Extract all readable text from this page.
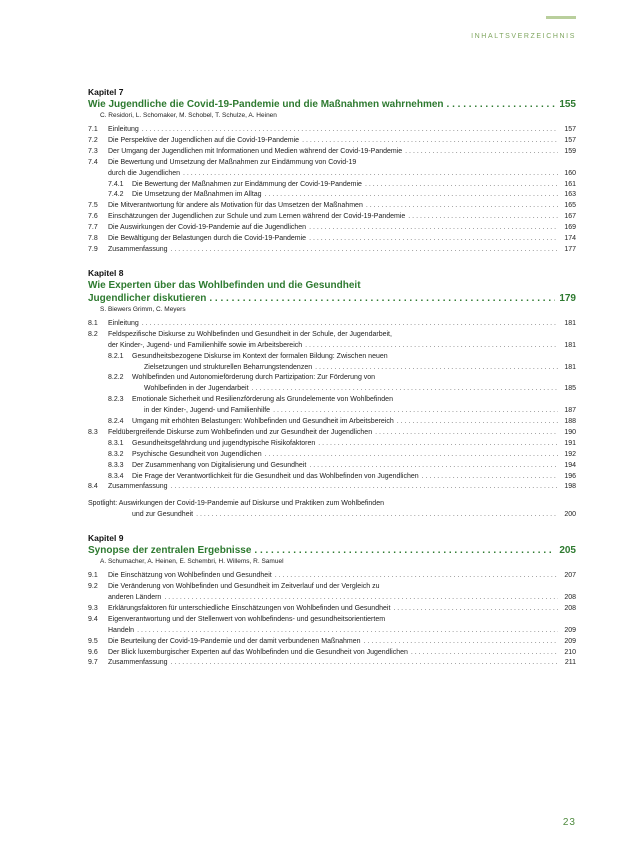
INHALTSVERZEICHNIS
Kapitel 7
Wie Jugendliche die Covid-19-Pandemie und die Maßnahmen wahrnehmen . . .	155
C. Residori, L. Schomaker, M. Schobel, T. Schulze, A. Heinen
7.1	Einleitung . . .	157
7.2	Die Perspektive der Jugendlichen auf die Covid-19-Pandemie . . .	157
7.3	Der Umgang der Jugendlichen mit Informationen und Medien während der Covid-19-Pandemie . . .	159
7.4	Die Bewertung und Umsetzung der Maßnahmen zur Eindämmung von Covid-19
durch die Jugendlichen . . .	160
7.4.1	Die Bewertung der Maßnahmen zur Eindämmung der Covid-19-Pandemie . . .	161
7.4.2	Die Umsetzung der Maßnahmen im Alltag . . .	163
7.5	Die Mitverantwortung für andere als Motivation für das Umsetzen der Maßnahmen . . .	165
7.6	Einschätzungen der Jugendlichen zur Schule und zum Lernen während der Covid-19-Pandemie . . .	167
7.7	Die Auswirkungen der Covid-19-Pandemie auf die Jugendlichen . . .	169
7.8	Die Bewältigung der Belastungen durch die Covid-19-Pandemie . . .	174
7.9	Zusammenfassung . . .	177
Kapitel 8
Wie Experten über das Wohlbefinden und die Gesundheit
Jugendlicher diskutieren . . .	179
S. Biewers Grimm, C. Meyers
8.1	Einleitung . . .	181
8.2	Feldspezifische Diskurse zu Wohlbefinden und Gesundheit in der Schule, der Jugendarbeit,
der Kinder-, Jugend- und Familienhilfe sowie im Arbeitsbereich . . .	181
8.2.1	Gesundheitsbezogene Diskurse im Kontext der formalen Bildung: Zwischen neuen
Zielsetzungen und strukturellen Beharrungstendenzen . . .	181
8.2.2	Wohlbefinden und Autonomieförderung durch Partizipation: Zur Förderung von
Wohlbefinden in der Jugendarbeit . . .	185
8.2.3	Emotionale Sicherheit und Resilienzförderung als Grundelemente von Wohlbefinden
in der Kinder-, Jugend- und Familienhilfe . . .	187
8.2.4	Umgang mit erhöhten Belastungen: Wohlbefinden und Gesundheit im Arbeitsbereich . . .	188
8.3	Feldübergreifende Diskurse zum Wohlbefinden und zur Gesundheit der Jugendlichen . . .	190
8.3.1	Gesundheitsgefährdung und jugendtypische Risikofaktoren . . .	191
8.3.2	Psychische Gesundheit von Jugendlichen . . .	192
8.3.3	Der Zusammenhang von Digitalisierung und Gesundheit . . .	194
8.3.4	Die Frage der Verantwortlichkeit für die Gesundheit und das Wohlbefinden von Jugendlichen . . .	196
8.4	Zusammenfassung . . .	198
Spotlight: Auswirkungen der Covid-19-Pandemie auf Diskurse und Praktiken zum Wohlbefinden
und zur Gesundheit . . .	200
Kapitel 9
Synopse der zentralen Ergebnisse . . .	205
A. Schumacher, A. Heinen, E. Schembri, H. Willems, R. Samuel
9.1	Die Einschätzung von Wohlbefinden und Gesundheit . . .	207
9.2	Die Veränderung von Wohlbefinden und Gesundheit im Zeitverlauf und der Vergleich zu
anderen Ländern . . .	208
9.3	Erklärungsfaktoren für unterschiedliche Einschätzungen von Wohlbefinden und Gesundheit . . .	208
9.4	Eigenverantwortung und der Stellenwert von wohlbefindens- und gesundheitsorientiertem
Handeln . . .	209
9.5	Die Beurteilung der Covid-19-Pandemie und der damit verbundenen Maßnahmen . . .	209
9.6	Der Blick luxemburgischer Experten auf das Wohlbefinden und die Gesundheit von Jugendlichen . . .	210
9.7	Zusammenfassung . . .	211
23
